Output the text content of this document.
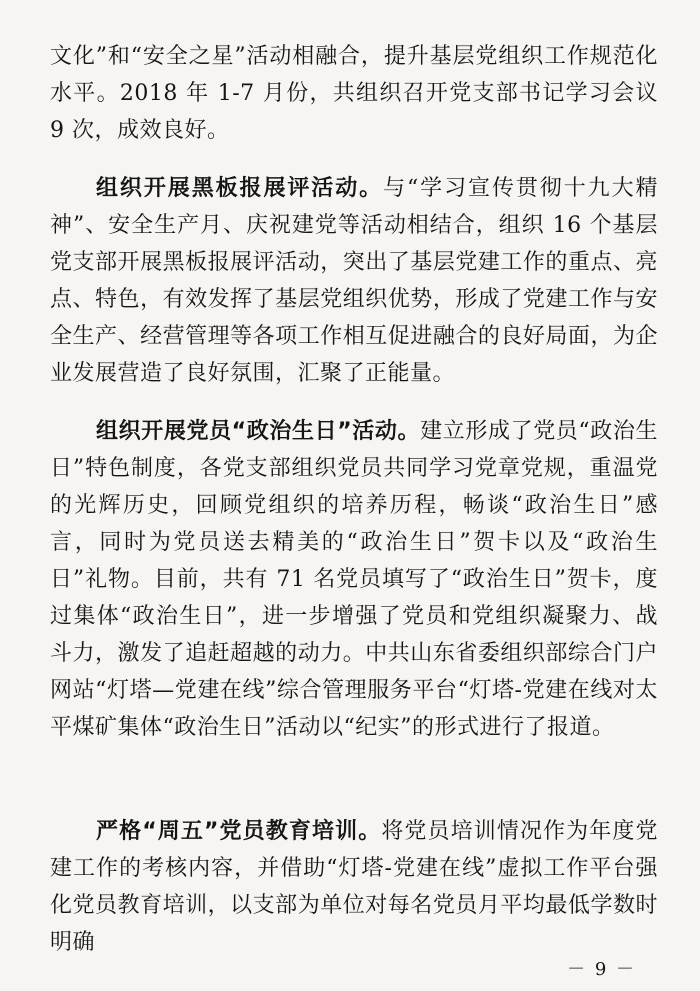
文化”和“安全之星”活动相融合，提升基层党组织工作规范化水平。2018 年 1-7 月份，共组织召开党支部书记学习会议 9 次，成效良好。

组织开展黑板报展评活动。与“学习宣传贯彻十九大精神”、安全生产月、庆祝建党等活动相结合，组织 16 个基层党支部开展黑板报展评活动，突出了基层党建工作的重点、亮点、特色，有效发挥了基层党组织优势，形成了党建工作与安全生产、经营管理等各项工作相互促进融合的良好局面，为企业发展营造了良好氛围，汇聚了正能量。

组织开展党员“政治生日”活动。建立形成了党员“政治生日”特色制度，各党支部组织党员共同学习党章党规，重温党的光辉历史，回顾党组织的培养历程，畅谈“政治生日”感言，同时为党员送去精美的“政治生日”贺卡以及“政治生日”礼物。目前，共有 71 名党员填写了“政治生日”贺卡，度过集体“政治生日”，进一步增强了党员和党组织凝聚力、战斗力，激发了追赶超越的动力。中共山东省委组织部综合门户网站“灯塔—党建在线”综合管理服务平台“灯塔-党建在线对太平煤矿集体“政治生日”活动以“纪实”的形式进行了报道。

严格“周五”党员教育培训。将党员培训情况作为年度党建工作的考核内容，并借助“灯塔-党建在线”虚拟工作平台强化党员教育培训，以支部为单位对每名党员月平均最低学数时明确

－ 9 －
